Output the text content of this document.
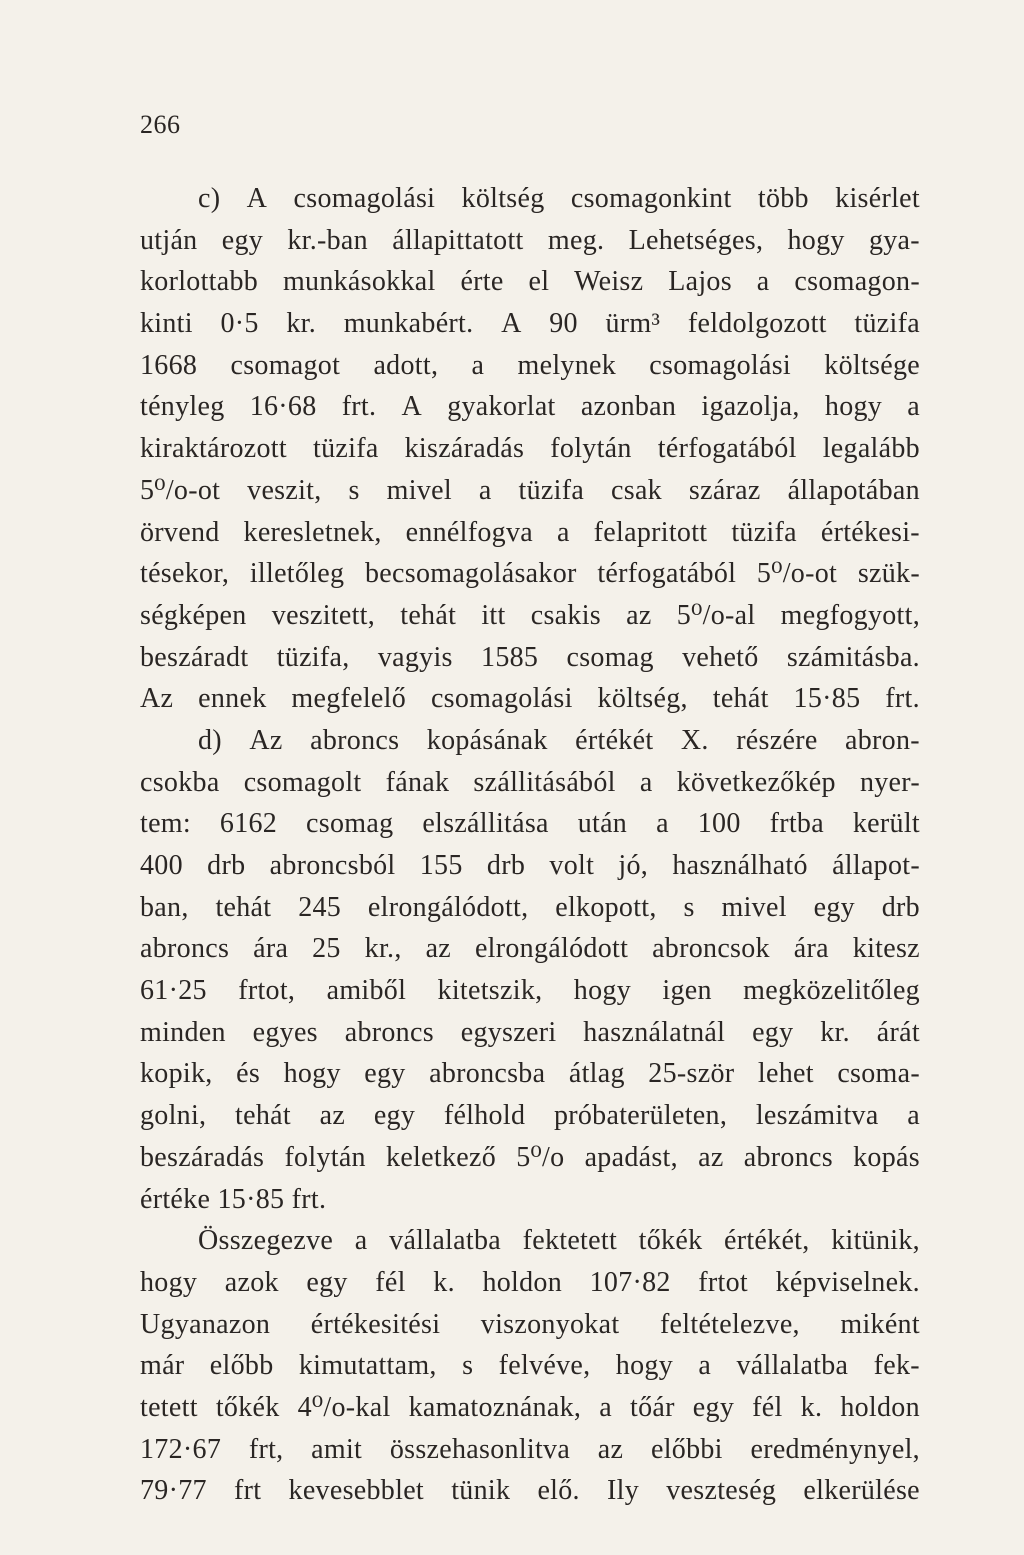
266
c) A csomagolási költség csomagonkint több kisérlet
utján egy kr.-ban állapittatott meg. Lehetséges, hogy gya-
korlottabb munkásokkal érte el Weisz Lajos a csomagon-
kinti 0·5 kr. munkabért. A 90 ürm³ feldolgozott tüzifa
1668 csomagot adott, a melynek csomagolási költsége
tényleg 16·68 frt. A gyakorlat azonban igazolja, hogy a
kiraktározott tüzifa kiszáradás folytán térfogatából legalább
5⁰/o-ot veszit, s mivel a tüzifa csak száraz állapotában
örvend keresletnek, ennélfogva a felapritott tüzifa értékesi-
tésekor, illetőleg becsomagolásakor térfogatából 5⁰/o-ot szük-
ségképen veszitett, tehát itt csakis az 5⁰/o-al megfogyott,
beszáradt tüzifa, vagyis 1585 csomag vehető számitásba.
Az ennek megfelelő csomagolási költség, tehát 15·85 frt.
d) Az abroncs kopásának értékét X. részére abron-
csokba csomagolt fának szállitásából a következőkép nyer-
tem: 6162 csomag elszállitása után a 100 frtba került
400 drb abroncsból 155 drb volt jó, használható állapot-
ban, tehát 245 elrongálódott, elkopott, s mivel egy drb
abroncs ára 25 kr., az elrongálódott abroncsok ára kitesz
61·25 frtot, amiből kitetszik, hogy igen megközelitőleg
minden egyes abroncs egyszeri használatnál egy kr. árát
kopik, és hogy egy abroncsba átlag 25-ször lehet csoma-
golni, tehát az egy félhold próbaterületen, leszámitva a
beszáradás folytán keletkező 5⁰/o apadást, az abroncs kopás
értéke 15·85 frt.
Összegezve a vállalatba fektetett tőkék értékét, kitünik,
hogy azok egy fél k. holdon 107·82 frtot képviselnek.
Ugyanazon értékesitési viszonyokat feltételezve, miként
már előbb kimutattam, s felvéve, hogy a vállalatba fek-
tetett tőkék 4⁰/o-kal kamatoznának, a tőár egy fél k. holdon
172·67 frt, amit összehasonlitva az előbbi eredménynyel,
79·77 frt kevesebblet tünik elő. Ily veszteség elkerülése
